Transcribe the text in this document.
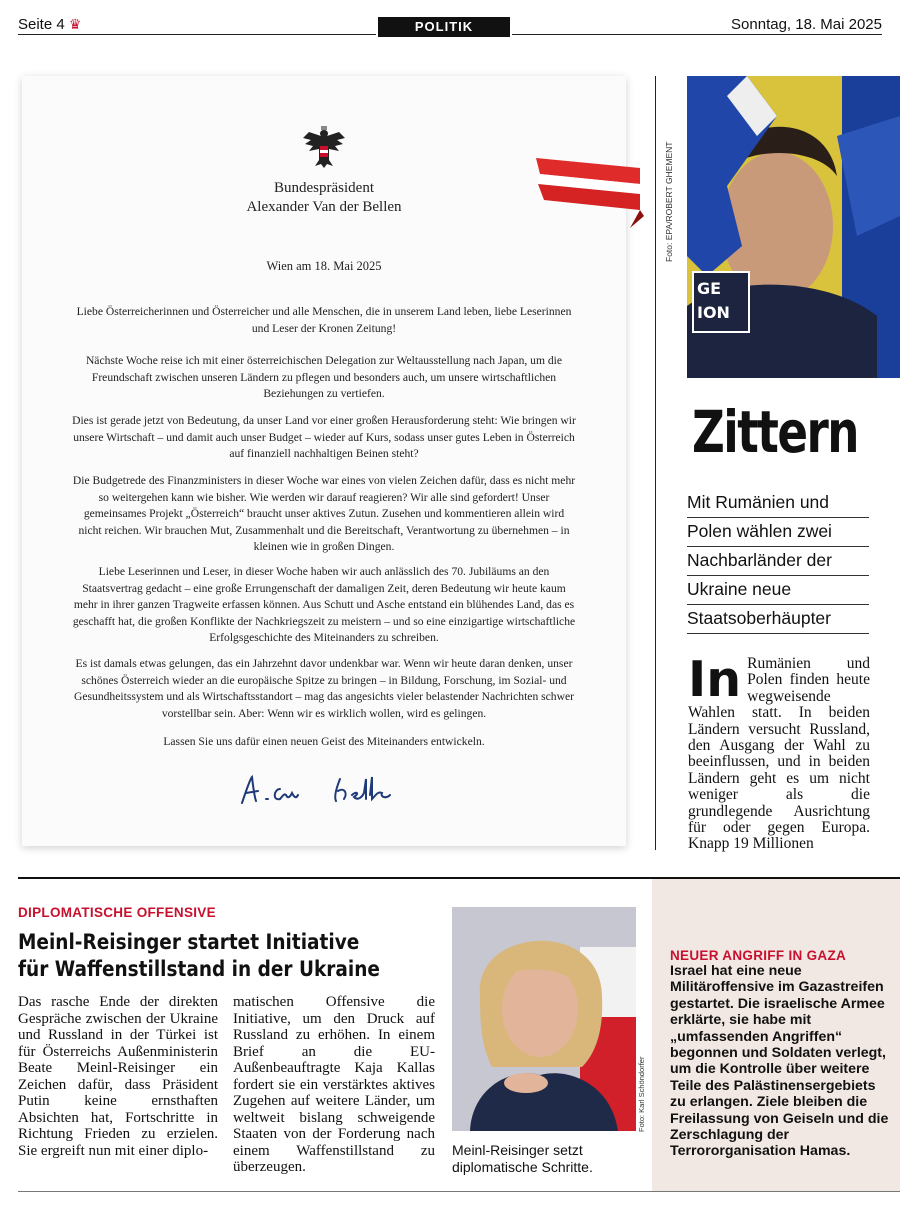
Seite 4 ♛	POLITIK	Sonntag, 18. Mai 2025
Bundespräsident
Alexander Van der Bellen
Wien am 18. Mai 2025
Liebe Österreicherinnen und Österreicher und alle Menschen, die in unserem Land leben, liebe Leserinnen und Leser der Kronen Zeitung!
Nächste Woche reise ich mit einer österreichischen Delegation zur Weltausstellung nach Japan, um die Freundschaft zwischen unseren Ländern zu pflegen und besonders auch, um unsere wirtschaftlichen Beziehungen zu vertiefen.
Dies ist gerade jetzt von Bedeutung, da unser Land vor einer großen Herausforderung steht: Wie bringen wir unsere Wirtschaft – und damit auch unser Budget – wieder auf Kurs, sodass unser gutes Leben in Österreich auf finanziell nachhaltigen Beinen steht?
Die Budgetrede des Finanzministers in dieser Woche war eines von vielen Zeichen dafür, dass es nicht mehr so weitergehen kann wie bisher. Wie werden wir darauf reagieren? Wir alle sind gefordert! Unser gemeinsames Projekt „Österreich“ braucht unser aktives Zutun. Zusehen und kommentieren allein wird nicht reichen. Wir brauchen Mut, Zusammenhalt und die Bereitschaft, Verantwortung zu übernehmen – in kleinen wie in großen Dingen.
Liebe Leserinnen und Leser, in dieser Woche haben wir auch anlässlich des 70. Jubiläums an den Staatsvertrag gedacht – eine große Errungenschaft der damaligen Zeit, deren Bedeutung wir heute kaum mehr in ihrer ganzen Tragweite erfassen können. Aus Schutt und Asche entstand ein blühendes Land, das es geschafft hat, die großen Konflikte der Nachkriegszeit zu meistern – und so eine einzigartige wirtschaftliche Erfolgsgeschichte des Miteinanders zu schreiben.
Es ist damals etwas gelungen, das ein Jahrzehnt davor undenkbar war. Wenn wir heute daran denken, unser schönes Österreich wieder an die europäische Spitze zu bringen – in Bildung, Forschung, im Sozial- und Gesundheitssystem und als Wirtschaftsstandort – mag das angesichts vieler belastender Nachrichten schwer vorstellbar sein. Aber: Wenn wir es wirklich wollen, wird es gelingen.
Lassen Sie uns dafür einen neuen Geist des Miteinanders entwickeln.
GE
ION
Foto: EPA/ROBERT GHEMENT
Zittern
Mit Rumänien und
Polen wählen zwei
Nachbarländer der
Ukraine neue
Staatsoberhäupter
In Rumänien und Polen finden heute wegweisende Wahlen statt. In beiden Ländern versucht Russland, den Ausgang der Wahl zu beeinflussen, und in beiden Ländern geht es um nicht weniger als die grundlegende Ausrichtung für oder gegen Europa. Knapp 19 Millionen
DIPLOMATISCHE OFFENSIVE
Meinl-Reisinger startet Initiative
für Waffenstillstand in der Ukraine
Das rasche Ende der direkten Gespräche zwischen der Ukraine und Russland in der Türkei ist für Österreichs Außenministerin Beate Meinl-Reisinger ein Zeichen dafür, dass Präsident Putin keine ernsthaften Absichten hat, Fortschritte in Richtung Frieden zu erzielen. Sie ergreift nun mit einer diplo-
matischen Offensive die Initiative, um den Druck auf Russland zu erhöhen. In einem Brief an die EU-Außenbeauftragte Kaja Kallas fordert sie ein verstärktes aktives Zugehen auf weitere Länder, um weltweit bislang schweigende Staaten von der Forderung nach einem Waffenstillstand zu überzeugen.
Foto: Karl Schöndorfer
Meinl-Reisinger setzt diplomatische Schritte.
NEUER ANGRIFF IN GAZA
Israel hat eine neue Militäroffensive im Gazastreifen gestartet. Die israelische Armee erklärte, sie habe mit „umfassenden Angriffen“ begonnen und Soldaten verlegt, um die Kontrolle über weitere Teile des Palästinensergebiets zu erlangen. Ziele bleiben die Freilassung von Geiseln und die Zerschlagung der Terrororganisation Hamas.
